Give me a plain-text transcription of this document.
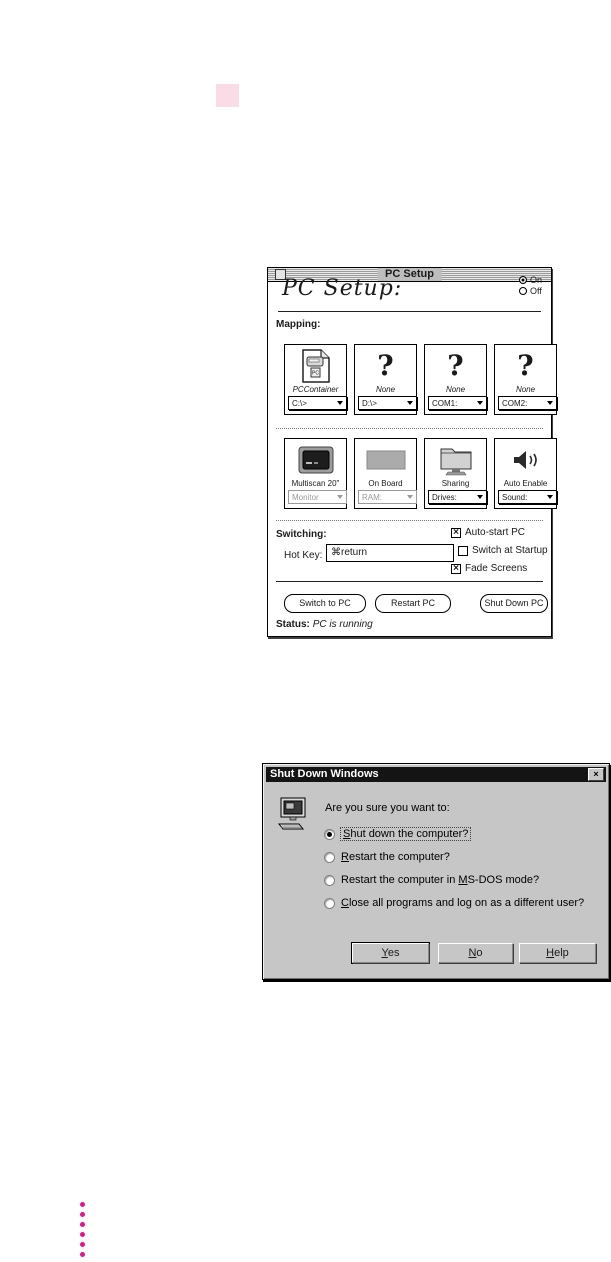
PC Setup
PC Setup:	On
Off
Mapping:
PC
PCContainer
C:\>
?
None
D:\>
?
None
COM1:
?
None
COM2:
Multiscan 20"
Monitor
On Board
RAM:
Sharing
Drives:
Auto Enable
Sound:
Switching:
Hot Key: ⌘return
× Auto-start PC
Switch at Startup
× Fade Screens
Switch to PC	Restart PC	Shut Down PC
Status: PC is running
Shut Down Windows	×
Are you sure you want to:
Shut down the computer?
Restart the computer?
Restart the computer in MS-DOS mode?
Close all programs and log on as a different user?
Yes	No	Help
